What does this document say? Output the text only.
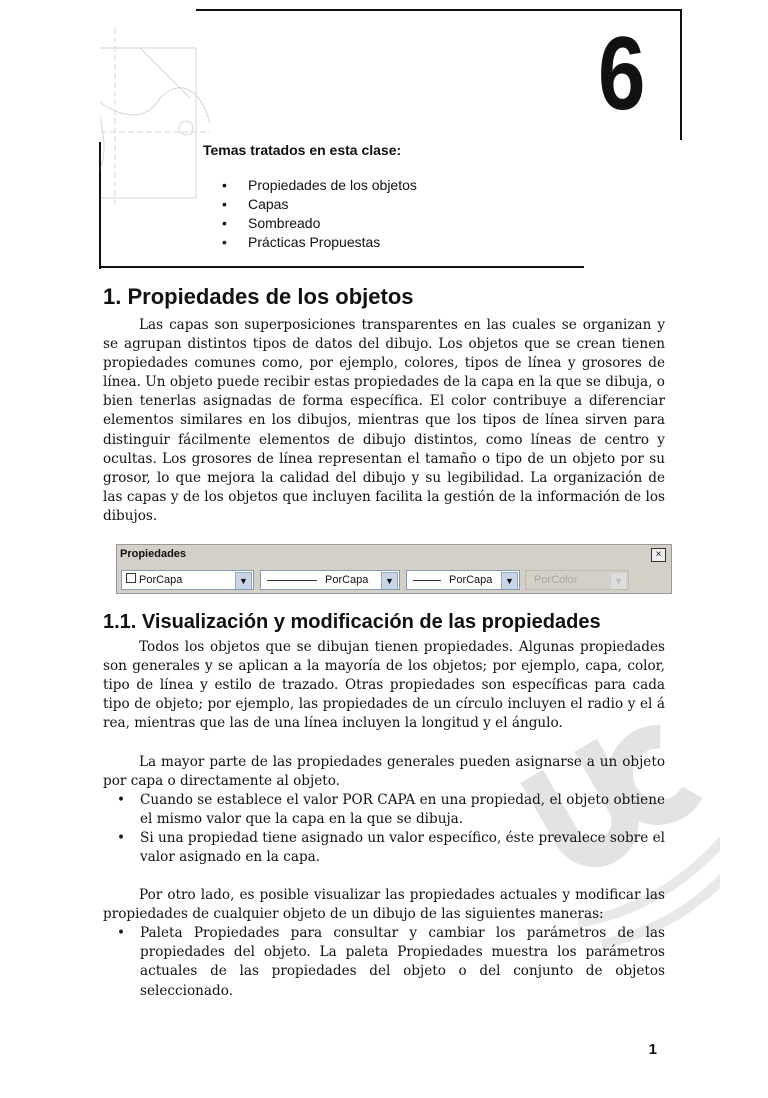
6
Temas tratados en esta clase:
• Propiedades de los objetos
• Capas
• Sombreado
• Prácticas Propuestas
1. Propiedades de los objetos

Las capas son superposiciones transparentes en las cuales se organizan y se agrupan distintos tipos de datos del dibujo. Los objetos que se crean tienen propiedades comunes como, por ejemplo, colores, tipos de línea y grosores de línea. Un objeto puede recibir estas propiedades de la capa en la que se dibuja, o bien tenerlas asignadas de forma específica. El color contribuye a diferenciar elementos similares en los dibujos, mientras que los tipos de línea sirven para distinguir fácilmente elementos de dibujo distintos, como líneas de centro y ocultas. Los grosores de línea representan el tamaño o tipo de un objeto por su grosor, lo que mejora la calidad del dibujo y su legibilidad. La organización de las capas y de los objetos que incluyen facilita la gestión de la información de los dibujos.

Propiedades	×
PorCapa	▼	PorCapa	▼	PorCapa	▼	PorColor	▼
1.1. Visualización y modificación de las propiedades

Todos los objetos que se dibujan tienen propiedades. Algunas propiedades son generales y se aplican a la mayoría de los objetos; por ejemplo, capa, color, tipo de línea y estilo de trazado. Otras propiedades son específicas para cada tipo de objeto; por ejemplo, las propiedades de un círculo incluyen el radio y el á rea, mientras que las de una línea incluyen la longitud y el ángulo.

La mayor parte de las propiedades generales pueden asignarse a un objeto por capa o directamente al objeto.

• Cuando se establece el valor POR CAPA en una propiedad, el objeto obtiene el mismo valor que la capa en la que se dibuja.
• Si una propiedad tiene asignado un valor específico, éste prevalece sobre el valor asignado en la capa.

Por otro lado, es posible visualizar las propiedades actuales y modificar las propiedades de cualquier objeto de un dibujo de las siguientes maneras:

• Paleta Propiedades para consultar y cambiar los parámetros de las propiedades del objeto. La paleta Propiedades muestra los parámetros actuales de las propiedades del objeto o del conjunto de objetos seleccionado.
1
